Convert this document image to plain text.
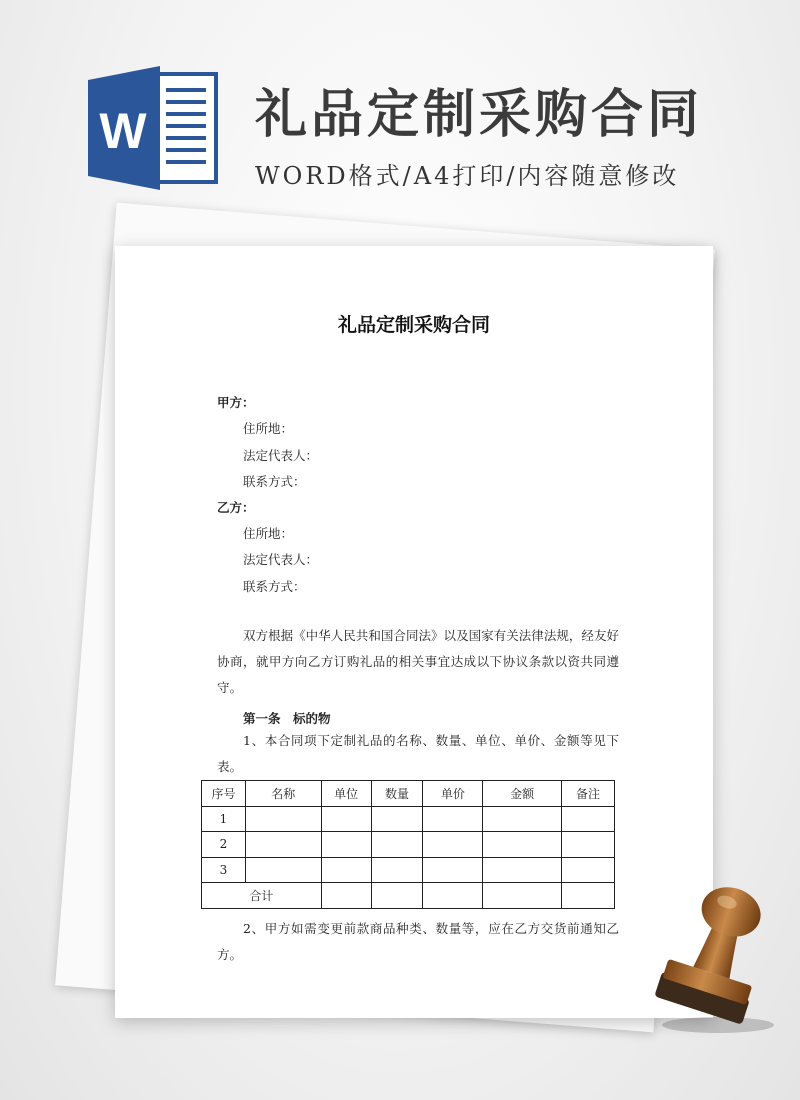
W 礼品定制采购合同
WORD格式/A4打印/内容随意修改
礼品定制采购合同
甲方：
住所地：
法定代表人：
联系方式：
乙方：
住所地：
法定代表人：
联系方式：
双方根据《中华人民共和国合同法》以及国家有关法律法规，经友好协商，就甲方向乙方订购礼品的相关事宜达成以下协议条款以资共同遵守。
第一条　标的物
1、本合同项下定制礼品的名称、数量、单位、单价、金额等见下表。
序号	名称	单位	数量	单价	金额	备注
1						
2						
3						
合计						
2、甲方如需变更前款商品种类、数量等，应在乙方交货前通知乙方。
